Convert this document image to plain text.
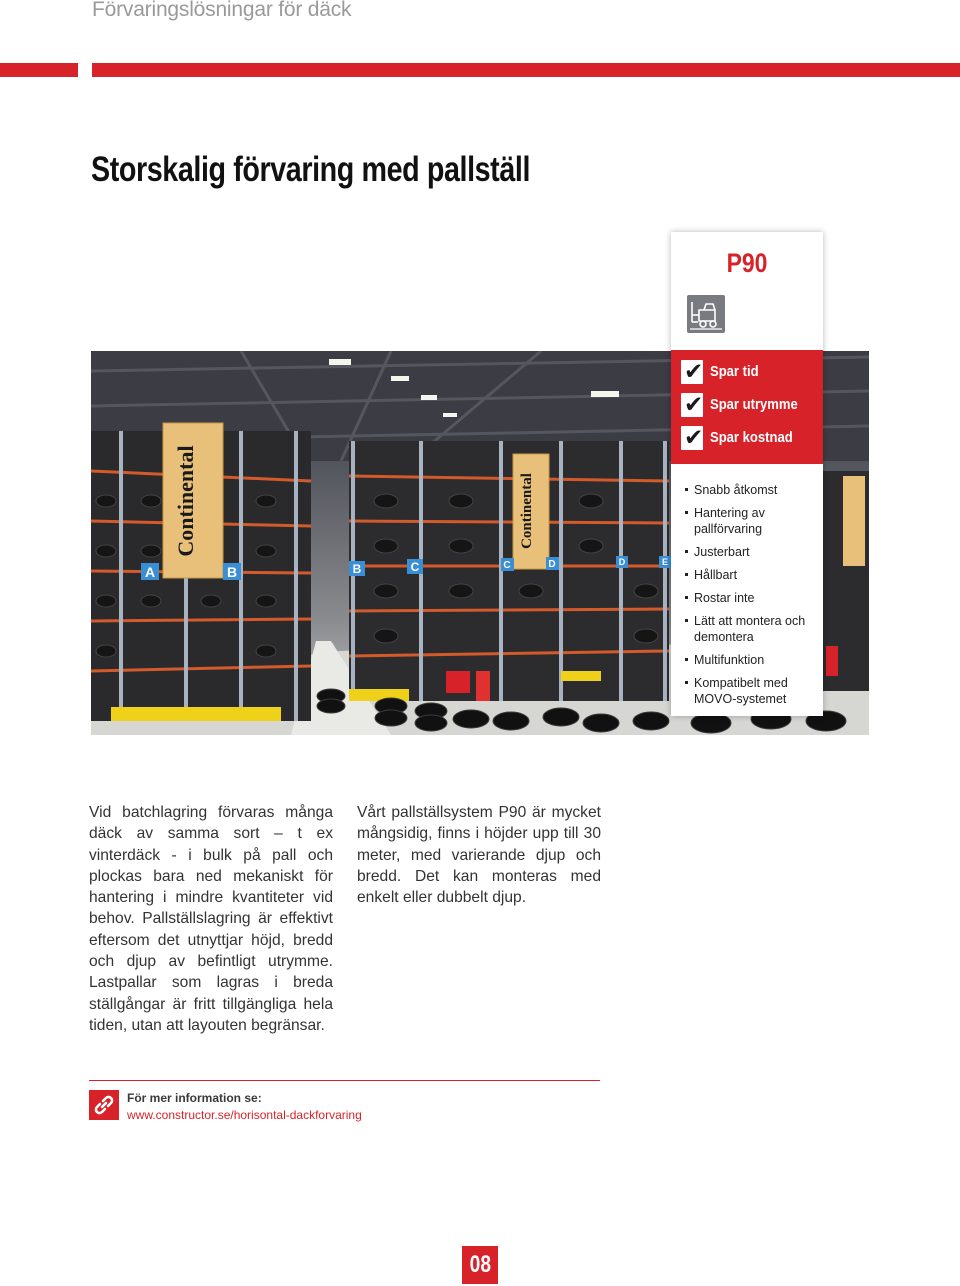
Förvaringslösningar för däck
Storskalig förvaring med pallställ
Continental	Continental
A	B	B	C	C	D	D	E
P90
✔ Spar tid
✔ Spar utrymme
✔ Spar kostnad
Snabb åtkomst
Hantering av pallförvaring
Justerbart
Hållbart
Rostar inte
Lätt att montera och demontera
Multifunktion
Kompatibelt med MOVO-systemet
Vid batchlagring förvaras många däck av samma sort – t ex vinterdäck - i bulk på pall och plockas bara ned mekaniskt för hantering i mindre kvantiteter vid behov. Pallställslagring är effektivt eftersom det utnyttjar höjd, bredd och djup av befintligt utrymme. Lastpallar som lagras i breda ställgångar är fritt tillgängliga hela tiden, utan att layouten begränsar.
Vårt pallställsystem P90 är mycket mångsidig, finns i höjder upp till 30 meter, med varierande djup och bredd. Det kan monteras med enkelt eller dubbelt djup.
För mer information se:
www.constructor.se/horisontal-dackforvaring
08
